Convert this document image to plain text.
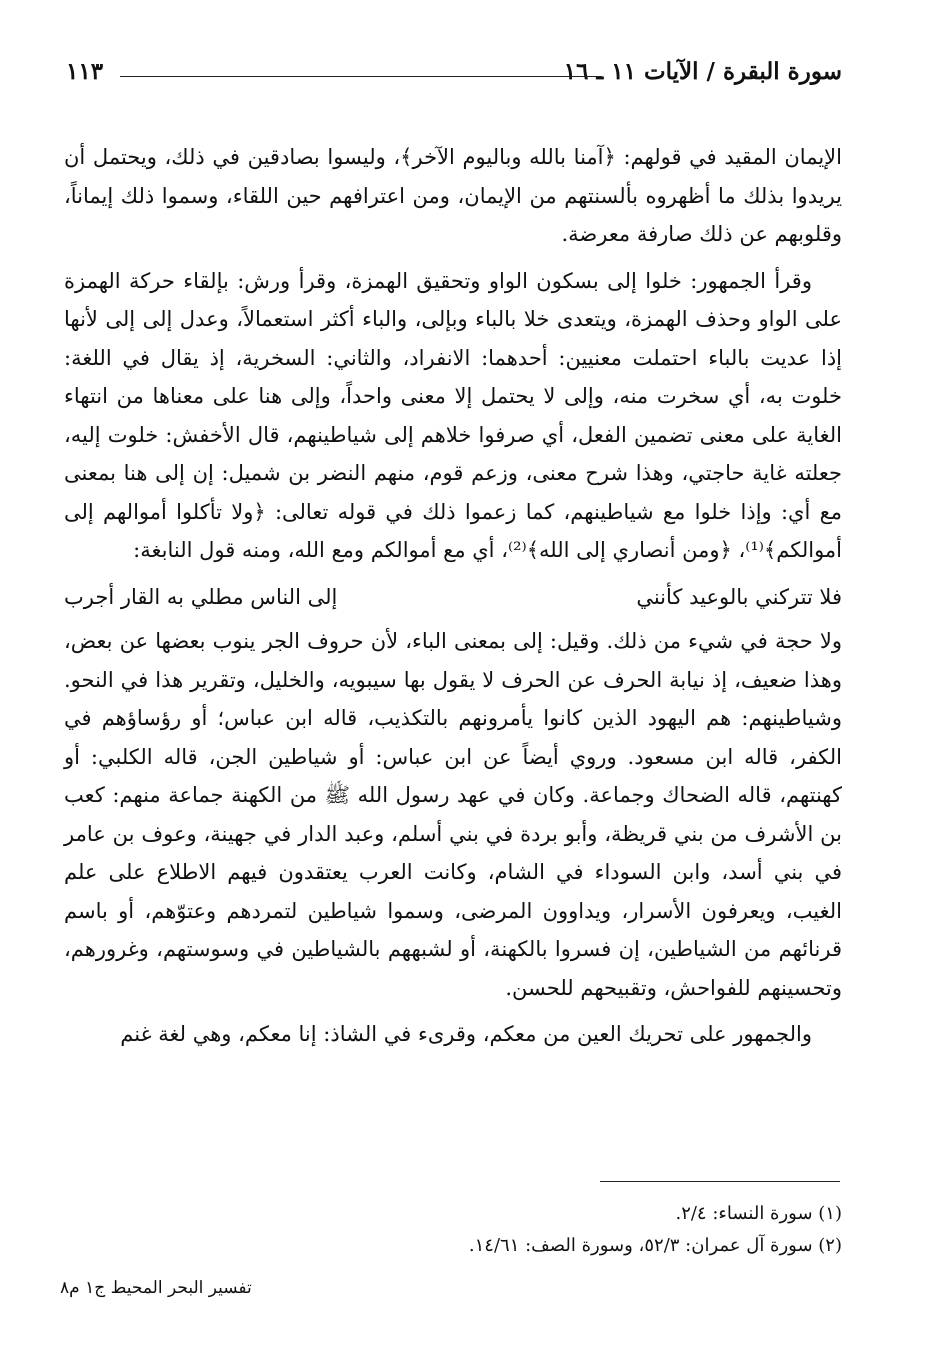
سورة البقرة / الآيات ١١ ـ ١٦
١١٣

الإيمان المقيد في قولهم: ﴿آمنا بالله وباليوم الآخر﴾، وليسوا بصادقين في ذلك، ويحتمل أن يريدوا بذلك ما أظهروه بألسنتهم من الإيمان، ومن اعترافهم حين اللقاء، وسموا ذلك إيماناً، وقلوبهم عن ذلك صارفة معرضة.

وقرأ الجمهور: خلوا إلى بسكون الواو وتحقيق الهمزة، وقرأ ورش: بإلقاء حركة الهمزة على الواو وحذف الهمزة، ويتعدى خلا بالباء وبإلى، والباء أكثر استعمالاً، وعدل إلى إلى لأنها إذا عديت بالباء احتملت معنيين: أحدهما: الانفراد، والثاني: السخرية، إذ يقال في اللغة: خلوت به، أي سخرت منه، وإلى لا يحتمل إلا معنى واحداً، وإلى هنا على معناها من انتهاء الغاية على معنى تضمين الفعل، أي صرفوا خلاهم إلى شياطينهم، قال الأخفش: خلوت إليه، جعلته غاية حاجتي، وهذا شرح معنى، وزعم قوم، منهم النضر بن شميل: إن إلى هنا بمعنى مع أي: وإذا خلوا مع شياطينهم، كما زعموا ذلك في قوله تعالى: ﴿ولا تأكلوا أموالهم إلى أموالكم﴾⁽¹⁾، ﴿ومن أنصاري إلى الله﴾⁽²⁾، أي مع أموالكم ومع الله، ومنه قول النابغة:

فلا تتركني بالوعيد كأنني
إلى الناس مطلي به القار أجرب

ولا حجة في شيء من ذلك. وقيل: إلى بمعنى الباء، لأن حروف الجر ينوب بعضها عن بعض، وهذا ضعيف، إذ نيابة الحرف عن الحرف لا يقول بها سيبويه، والخليل، وتقرير هذا في النحو. وشياطينهم: هم اليهود الذين كانوا يأمرونهم بالتكذيب، قاله ابن عباس؛ أو رؤساؤهم في الكفر، قاله ابن مسعود. وروي أيضاً عن ابن عباس: أو شياطين الجن، قاله الكلبي: أو كهنتهم، قاله الضحاك وجماعة. وكان في عهد رسول الله ﷺ من الكهنة جماعة منهم: كعب بن الأشرف من بني قريظة، وأبو بردة في بني أسلم، وعبد الدار في جهينة، وعوف بن عامر في بني أسد، وابن السوداء في الشام، وكانت العرب يعتقدون فيهم الاطلاع على علم الغيب، ويعرفون الأسرار، ويداوون المرضى، وسموا شياطين لتمردهم وعتوّهم، أو باسم قرنائهم من الشياطين، إن فسروا بالكهنة، أو لشبههم بالشياطين في وسوستهم، وغرورهم، وتحسينهم للفواحش، وتقبيحهم للحسن.

والجمهور على تحريك العين من معكم، وقرىء في الشاذ: إنا معكم، وهي لغة غنم

(١) سورة النساء: ٢/٤.
(٢) سورة آل عمران: ٥٢/٣، وسورة الصف: ١٤/٦١.
تفسير البحر المحيط ج١ م٨
